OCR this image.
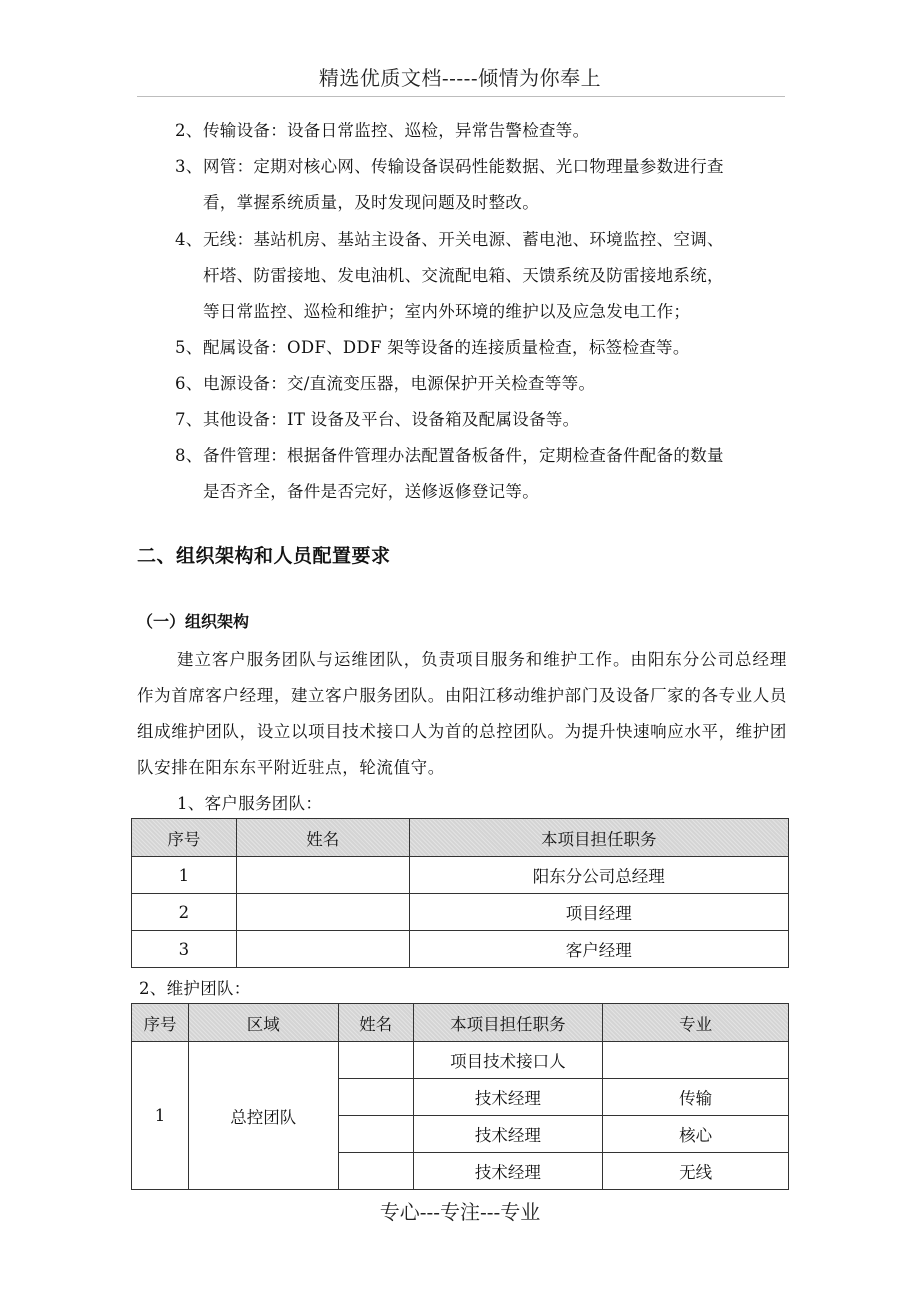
精选优质文档-----倾情为你奉上
2、传输设备：设备日常监控、巡检，异常告警检查等。
3、网管：定期对核心网、传输设备误码性能数据、光口物理量参数进行查
看，掌握系统质量，及时发现问题及时整改。
4、无线：基站机房、基站主设备、开关电源、蓄电池、环境监控、空调、
杆塔、防雷接地、发电油机、交流配电箱、天馈系统及防雷接地系统，
等日常监控、巡检和维护；室内外环境的维护以及应急发电工作；
5、配属设备：ODF、DDF 架等设备的连接质量检查，标签检查等。
6、电源设备：交/直流变压器，电源保护开关检查等等。
7、其他设备：IT 设备及平台、设备箱及配属设备等。
8、备件管理：根据备件管理办法配置备板备件，定期检查备件配备的数量
是否齐全，备件是否完好，送修返修登记等。
二、组织架构和人员配置要求
（一）组织架构
建立客户服务团队与运维团队，负责项目服务和维护工作。由阳东分公司总经理作为首席客户经理，建立客户服务团队。由阳江移动维护部门及设备厂家的各专业人员组成维护团队，设立以项目技术接口人为首的总控团队。为提升快速响应水平，维护团队安排在阳东东平附近驻点，轮流值守。
1、客户服务团队：
序号	姓名	本项目担任职务
1		阳东分公司总经理
2		项目经理
3		客户经理
2、维护团队：
序号	区域	姓名	本项目担任职务	专业
1	总控团队		项目技术接口人	
			技术经理	传输
			技术经理	核心
			技术经理	无线
专心---专注---专业
